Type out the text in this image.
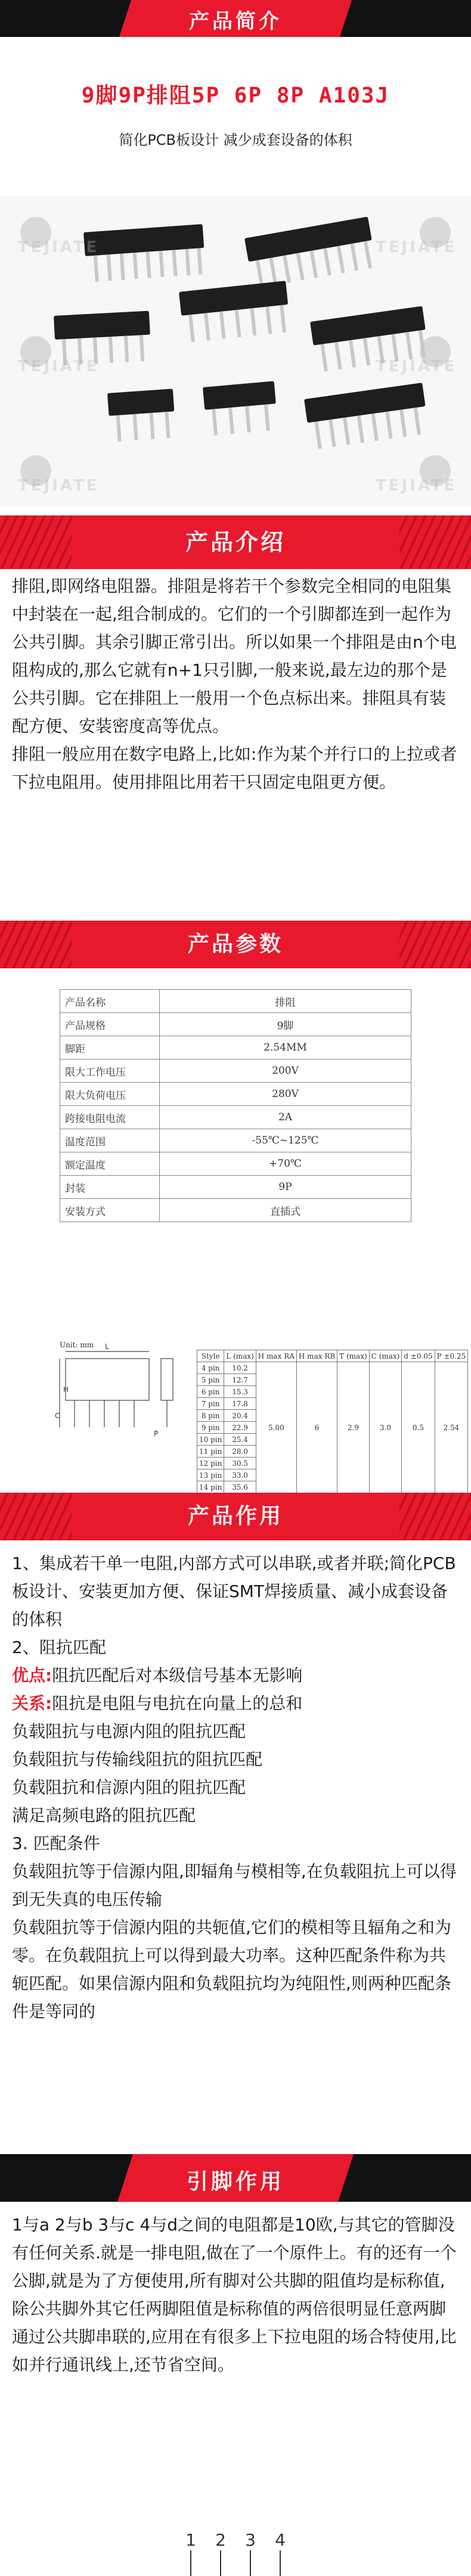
产品简介
9脚9P排阻5P 6P 8P A103J
简化PCB板设计 减少成套设备的体积
TEJIATE
TEJIATE
TEJIATE
TEJIATE
TEJIATE
TEJIATE
产品介绍

排阻,即网络电阻器。排阻是将若干个参数完全相同的电阻集中封装在一起,组合制成的。它们的一个引脚都连到一起作为公共引脚。其余引脚正常引出。所以如果一个排阻是由n个电阻构成的,那么它就有n+1只引脚,一般来说,最左边的那个是公共引脚。它在排阻上一般用一个色点标出来。排阻具有装配方便、安装密度高等优点。

排阻一般应用在数字电路上,比如:作为某个并行口的上拉或者下拉电阻用。使用排阻比用若干只固定电阻更方便。

产品参数
产品名称	排阻
产品规格	9脚
脚距	2.54MM
限大工作电压	200V
限大负荷电压	280V
跨接电阻电流	2A
温度范围	-55℃~125℃
额定温度	+70℃
封装	9P
安装方式	直插式
H
C
L
P
Unit: mm
Style	L (max)	H max RA	H max RB	T (max)	C (max)	d ±0.05	P ±0.25
4 pin	10.2	5.00	6	2.9	3.0	0.5	2.54
5 pin	12.7						
6 pin	15.3						
7 pin	17.8						
8 pin	20.4						
9 pin	22.9						
10 pin	25.4						
11 pin	28.0						
12 pin	30.5						
13 pin	33.0						
14 pin	35.6						
产品作用

1、集成若干单一电阻,内部方式可以串联,或者并联;简化PCB板设计、安装更加方便、保证SMT焊接质量、减小成套设备的体积

2、阻抗匹配

优点:阻抗匹配后对本级信号基本无影响

关系:阻抗是电阻与电抗在向量上的总和

负载阻抗与电源内阻的阻抗匹配

负载阻抗与传输线阻抗的阻抗匹配

负载阻抗和信源内阻的阻抗匹配

满足高频电路的阻抗匹配

3. 匹配条件

负载阻抗等于信源内阻,即辐角与模相等,在负载阻抗上可以得到无失真的电压传输

负载阻抗等于信源内阻的共轭值,它们的模相等且辐角之和为零。在负载阻抗上可以得到最大功率。这种匹配条件称为共轭匹配。如果信源内阻和负载阻抗均为纯阻性,则两种匹配条件是等同的

引脚作用

1与a 2与b 3与c 4与d之间的电阻都是10欧,与其它的管脚没有任何关系.就是一排电阻,做在了一个原件上。有的还有一个公脚,就是为了方便使用,所有脚对公共脚的阻值均是标称值,除公共脚外其它任两脚阻值是标称值的两倍很明显任意两脚通过公共脚串联的,应用在有很多上下拉电阻的场合特使用,比如并行通讯线上,还节省空间。

1 2 3 4
